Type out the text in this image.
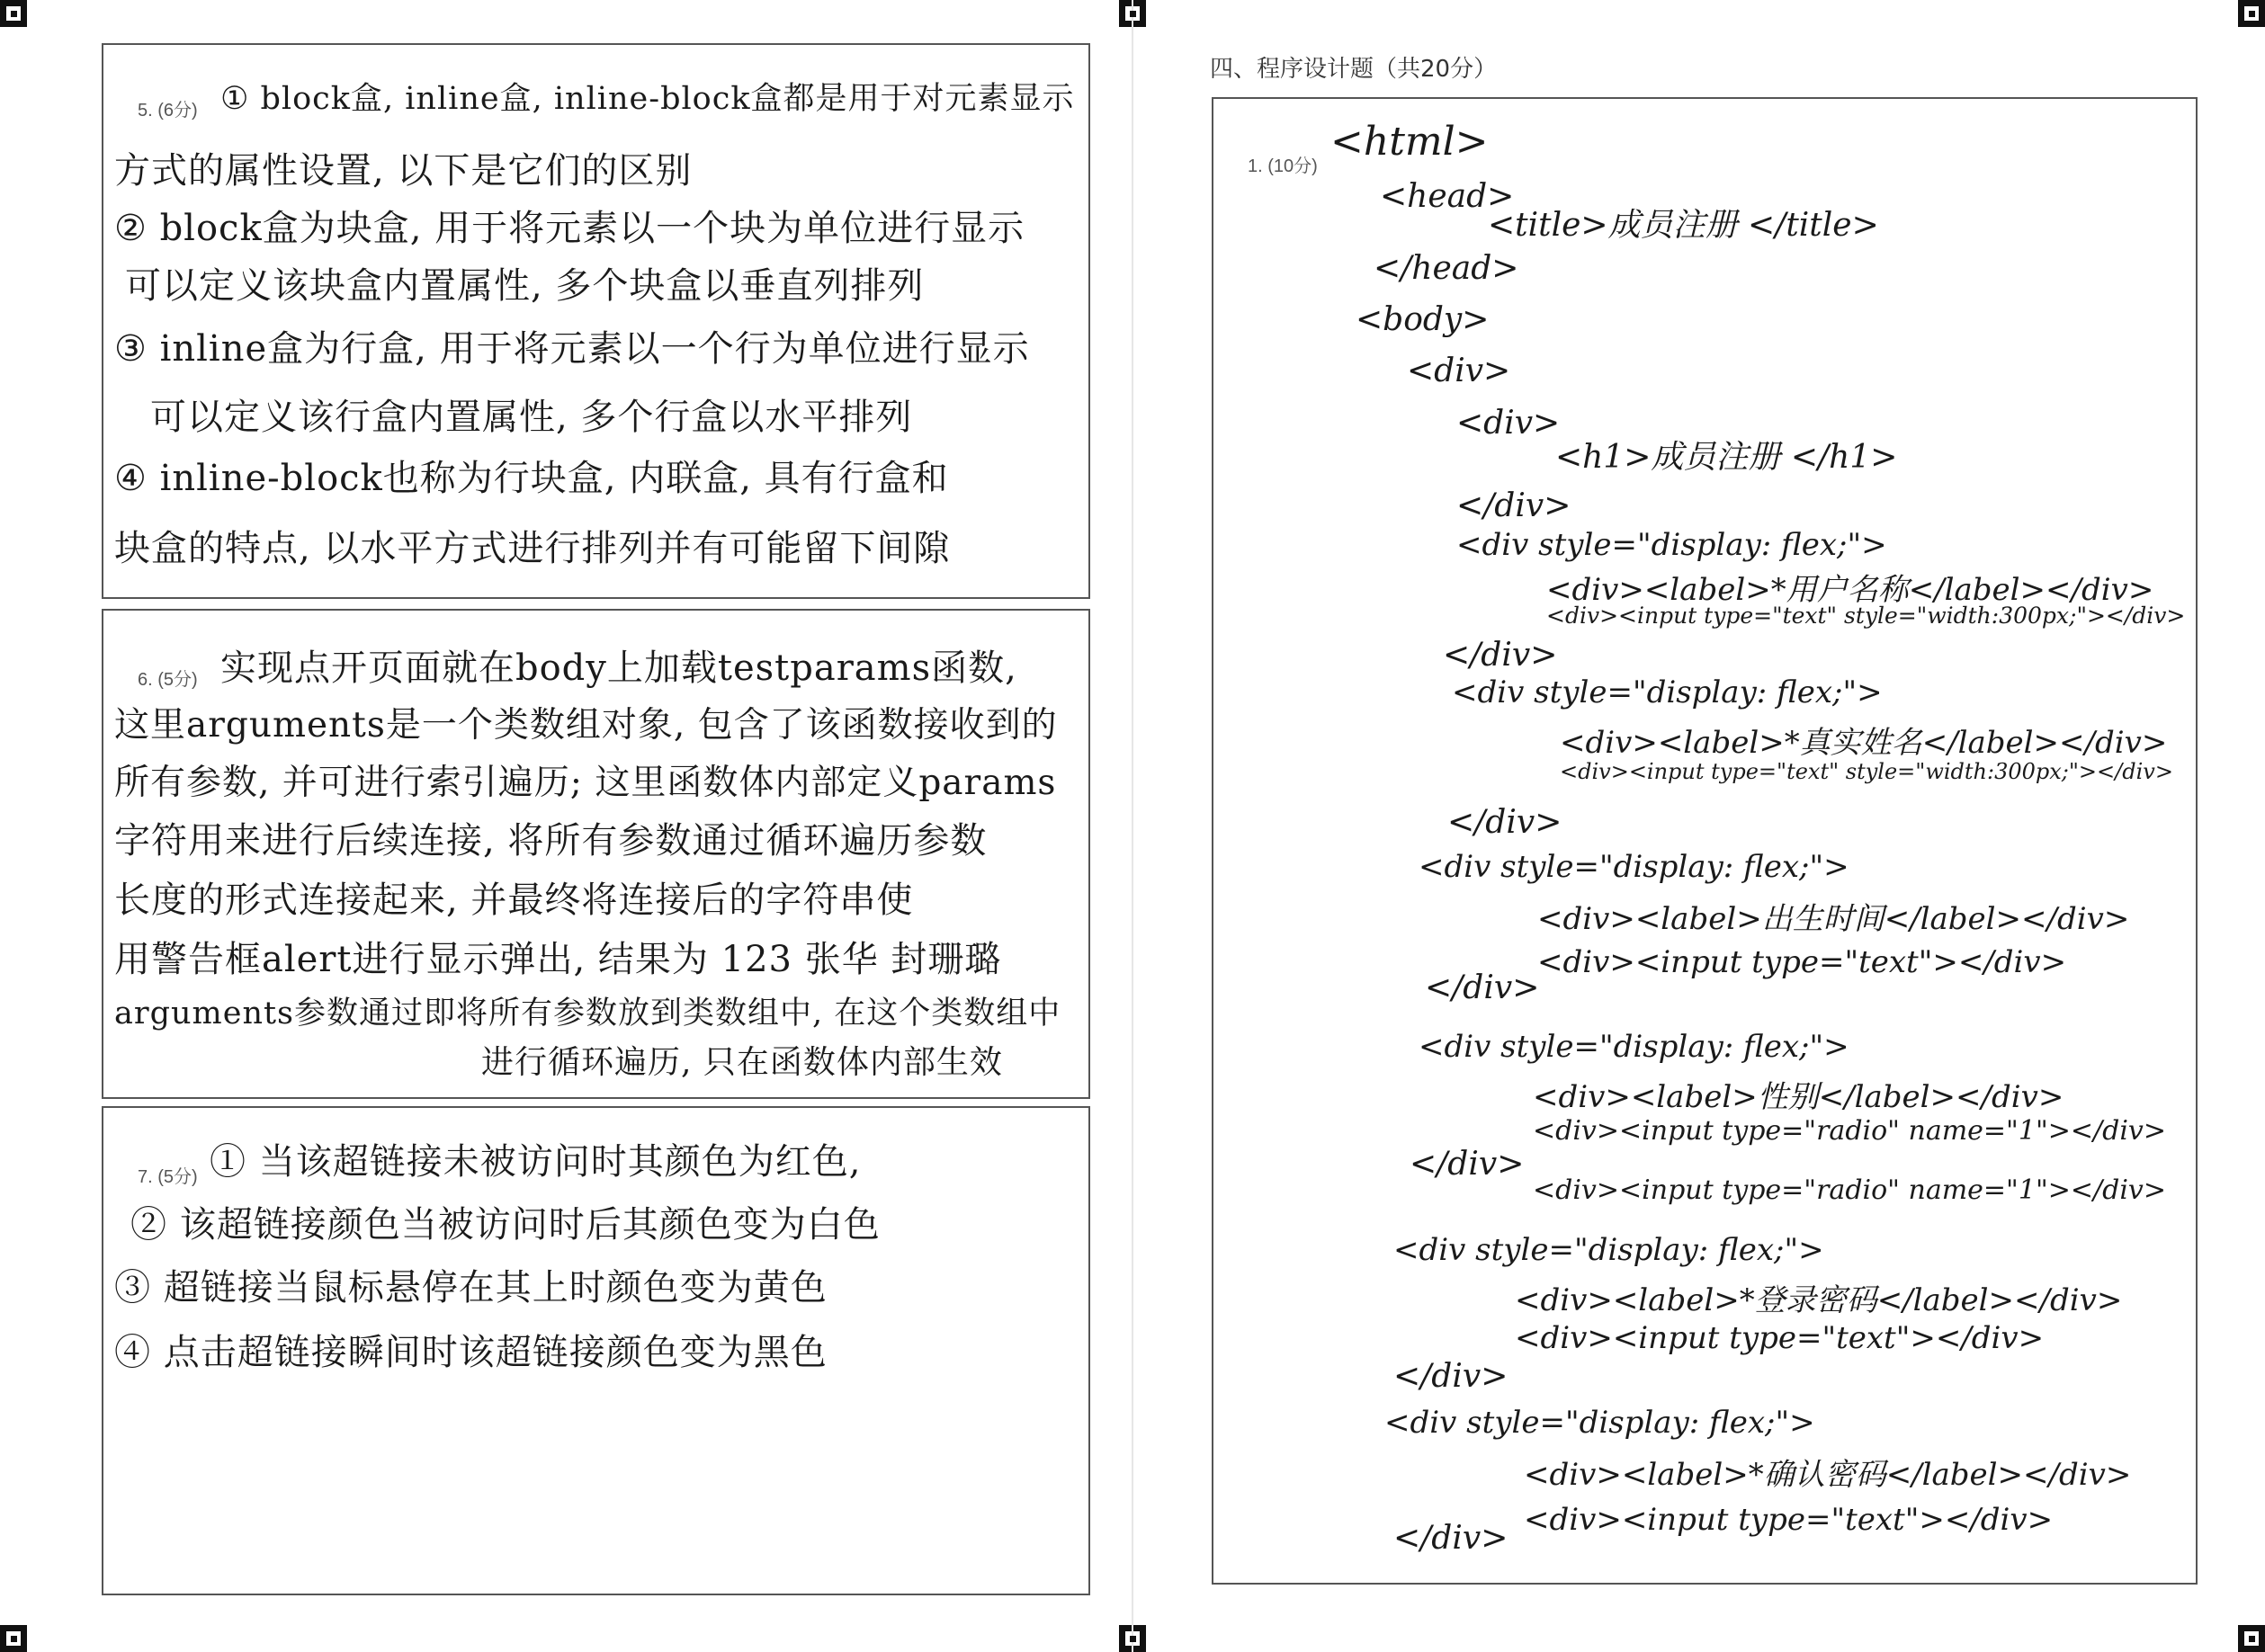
5. (6分) ① block盒, inline盒, inline-block盒都是用于对元素显示
方式的属性设置, 以下是它们的区别
② block盒为块盒, 用于将元素以一个块为单位进行显示
可以定义该块盒内置属性, 多个块盒以垂直列排列
③ inline盒为行盒, 用于将元素以一个行为单位进行显示
可以定义该行盒内置属性, 多个行盒以水平排列
④ inline-block也称为行块盒, 内联盒, 具有行盒和
块盒的特点, 以水平方式进行排列并有可能留下间隙
6. (5分) 实现点开页面就在body上加载testparams函数,
这里arguments是一个类数组对象, 包含了该函数接收到的
所有参数, 并可进行索引遍历; 这里函数体内部定义params
字符用来进行后续连接, 将所有参数通过循环遍历参数
长度的形式连接起来, 并最终将连接后的字符串使
用警告框alert进行显示弹出, 结果为 123 张华 封珊璐
arguments参数通过即将所有参数放到类数组中, 在这个类数组中
进行循环遍历, 只在函数体内部生效
7. (5分) ① 当该超链接未被访问时其颜色为红色,
② 该超链接颜色当被访问时后其颜色变为白色
③ 超链接当鼠标悬停在其上时颜色变为黄色
④ 点击超链接瞬间时该超链接颜色变为黑色
四、程序设计题（共20分）
1. (10分)
<html>
<head>
<title>成员注册 </title>
</head>
<body>
<div>
<div>
<h1>成员注册 </h1>
</div>
<div style="display: flex;">
<div><label>*用户名称</label></div>
<div><input type="text" style="width:300px;"></div>
</div>
<div style="display: flex;">
<div><label>*真实姓名</label></div>
<div><input type="text" style="width:300px;"></div>
</div>
<div style="display: flex;">
<div><label>出生时间</label></div>
<div><input type="text"></div>
</div>
<div style="display: flex;">
<div><label>性别</label></div>
<div><input type="radio" name="1"></div>
</div>
<div><input type="radio" name="1"></div>
<div style="display: flex;">
<div><label>*登录密码</label></div>
<div><input type="text"></div>
</div>
<div style="display: flex;">
<div><label>*确认密码</label></div>
</div> <div><input type="text"></div>
